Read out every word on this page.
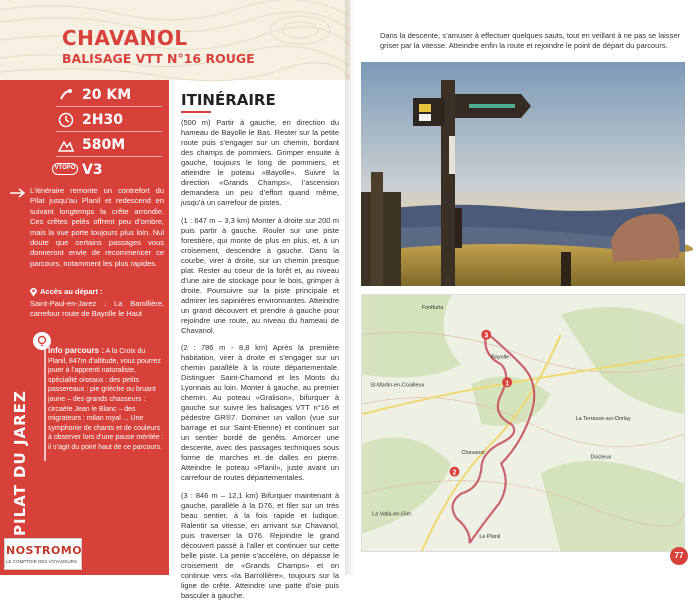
CHAVANOL
BALISAGE VTT N°16 ROUGE
20 KM
2H30
580M
VTOPO V3
L’itinéraire remonte un contrefort du Pilat jusqu’au Planil et redescend en suivant longtemps la crête arrondie. Ces crêtes pelés offrent peu d’ombre, mais la vue porte toujours plus loin. Nul doute que certains passages vous donneront envie de recommencer ce parcours, notamment les plus rapides.
Accès au départ :
Saint-Paul-en-Jarez : La Barollière, carrefour route de Bayolle le Haut
Info parcours : A la Croix du Planil, 847m d’altitude, vous pourrez jouer à l’apprenti naturaliste, spécialité oiseaux : des petits passereaux : pie grièche ou bruant jaune – des grands chasseurs : circaète Jean le Blanc – des migrateurs : milan royal ... Une symphonie de chants et de couleurs à observer lors d’une pause méritée : il s’agit du point haut de ce parcours.
PILAT DU JAREZ
NOSTROMO
LE COMPTOIR DES VOYAGEURS
ITINÉRAIRE

(500 m) Partir à gauche, en direction du hameau de Bayolle le Bas. Rester sur la petite route puis s’engager sur un chemin, bordant des champs de pommiers. Grimper ensuite à gauche, toujours le long de pommiers, et atteindre le poteau «Bayolle». Suivre la direction «Grands Champs», l’ascension demandera un peu d’effort quand même, jusqu’à un carrefour de pistes.

(1 : 647 m – 3,3 km) Monter à droite sur 200 m puis partir à gauche. Rouler sur une piste forestière, qui monte de plus en plus, et, à un croisement, descendre à gauche. Dans la courbe, virer à droite, sur un chemin presque plat. Rester au coeur de la forêt et, au niveau d’une aire de stockage pour le bois, grimper à droite. Poursuivre sur la piste principale et admirer les sapinières environnantes. Atteindre un grand découvert et prendre à gauche pour rejoindre une route, au niveau du hameau de Chavanol.

(2 : 786 m - 8,8 km) Après la première habitation, virer à droite et s’engager sur un chemin parallèle à la route départementale. Distinguer Saint-Chamond et les Monts du Lyonnais au loin. Monter à gauche, au premier chemin. Au poteau «Gralison», bifurquer à gauche sur suivre les balisages VTT n°16 et pédestre GR®7. Dominer un vallon (vue sur barrage et sur Saint-Etienne) et continuer sur un sentier bordé de genêts. Amorcer une descente, avec des passages techniques sous forme de marches et de dalles en pierre. Atteindre le poteau «Planil», juste avant un carrefour de routes départementales.

(3 : 846 m – 12,1 km) Bifurquer maintenant à gauche, parallèle à la D76, et filer sur un très beau sentier, à la fois rapide et ludique. Ralentir sa vitesse, en arrivant sur Chavanol, puis traverser la D76. Rejoindre le grand découvert passé à l’aller et continuer sur cette belle piste. La pente s’accélère, on dépasse le croisement de «Grands Champs» et on continue vers «la Barrollière», toujours sur la ligne de crête. Atteindre une patte d’oie puis basculer à gauche.

Dans la descente, s’amuser à effectuer quelques sauts, tout en veillant à ne pas se laisser griser par la vitesse. Atteindre enfin la route et rejoindre le point de départ du parcours.
3
1
2
Fontfuria
Bayolle
St-Martin-en-Coailleux
La Terrasse-sur-Dorlay
Doizieux
Chavanol
La Valla-en-Gier
Le Planil
77
